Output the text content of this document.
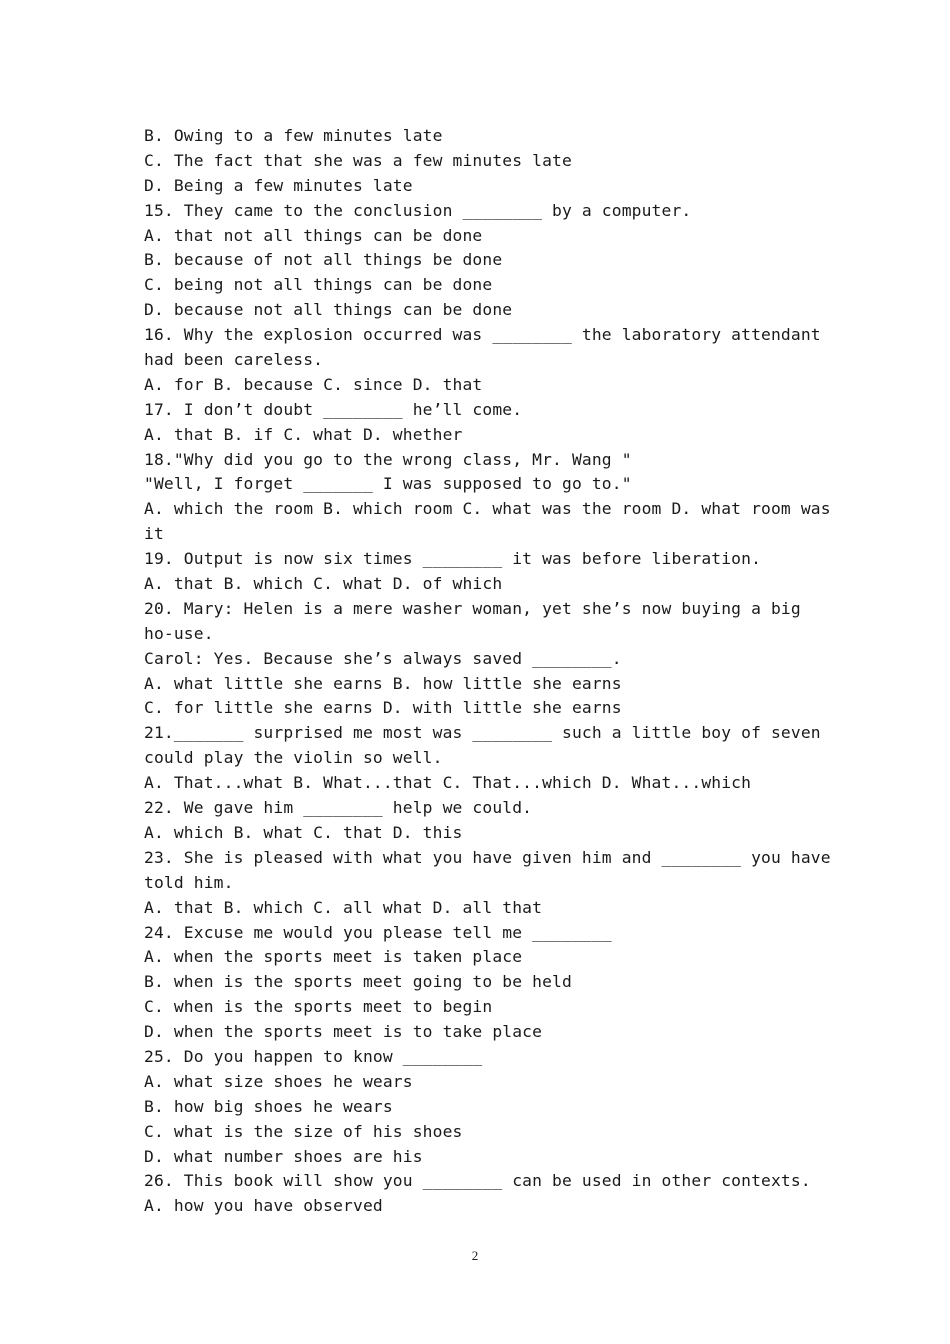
B. Owing to a few minutes late
C. The fact that she was a few minutes late
D. Being a few minutes late
15. They came to the conclusion ________ by a computer.
A. that not all things can be done
B. because of not all things be done
C. being not all things can be done
D. because not all things can be done
16. Why the explosion occurred was ________ the laboratory attendant
had been careless.
A. for B. because C. since D. that
17. I don’t doubt ________ he’ll come.
A. that B. if C. what D. whether
18."Why did you go to the wrong class, Mr. Wang "
"Well, I forget _______ I was supposed to go to."
A. which the room B. which room C. what was the room D. what room was
it
19. Output is now six times ________ it was before liberation.
A. that B. which C. what D. of which
20. Mary: Helen is a mere washer woman, yet she’s now buying a big
ho-use.
Carol: Yes. Because she’s always saved ________.
A. what little she earns B. how little she earns
C. for little she earns D. with little she earns
21._______ surprised me most was ________ such a little boy of seven
could play the violin so well.
A. That...what B. What...that C. That...which D. What...which
22. We gave him ________ help we could.
A. which B. what C. that D. this
23. She is pleased with what you have given him and ________ you have
told him.
A. that B. which C. all what D. all that
24. Excuse me would you please tell me ________
A. when the sports meet is taken place
B. when is the sports meet going to be held
C. when is the sports meet to begin
D. when the sports meet is to take place
25. Do you happen to know ________
A. what size shoes he wears
B. how big shoes he wears
C. what is the size of his shoes
D. what number shoes are his
26. This book will show you ________ can be used in other contexts.
A. how you have observed
2
